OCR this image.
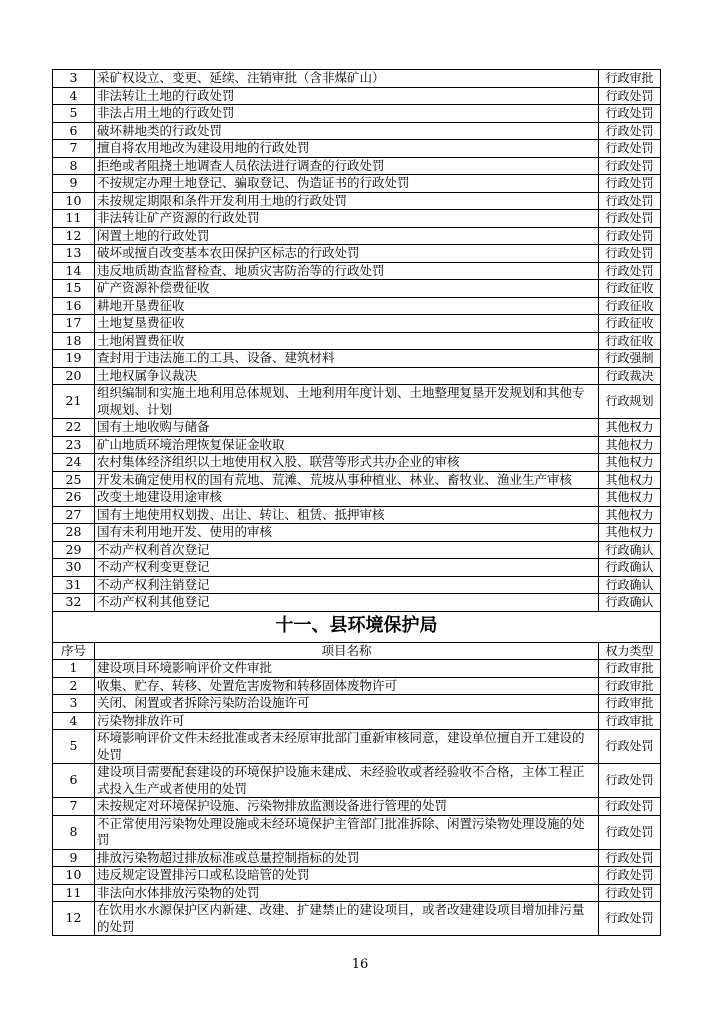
3	采矿权设立、变更、延续、注销审批（含非煤矿山）	行政审批
4	非法转让土地的行政处罚	行政处罚
5	非法占用土地的行政处罚	行政处罚
6	破坏耕地类的行政处罚	行政处罚
7	擅自将农用地改为建设用地的行政处罚	行政处罚
8	拒绝或者阻挠土地调查人员依法进行调查的行政处罚	行政处罚
9	不按规定办理土地登记、骗取登记、伪造证书的行政处罚	行政处罚
10	未按规定期限和条件开发利用土地的行政处罚	行政处罚
11	非法转让矿产资源的行政处罚	行政处罚
12	闲置土地的行政处罚	行政处罚
13	破坏或擅自改变基本农田保护区标志的行政处罚	行政处罚
14	违反地质勘查监督检查、地质灾害防治等的行政处罚	行政处罚
15	矿产资源补偿费征收	行政征收
16	耕地开垦费征收	行政征收
17	土地复垦费征收	行政征收
18	土地闲置费征收	行政征收
19	查封用于违法施工的工具、设备、建筑材料	行政强制
20	土地权属争议裁决	行政裁决
21	组织编制和实施土地利用总体规划、土地利用年度计划、土地整理复垦开发规划和其他专项规划、计划	行政规划
22	国有土地收购与储备	其他权力
23	矿山地质环境治理恢复保证金收取	其他权力
24	农村集体经济组织以土地使用权入股、联营等形式共办企业的审核	其他权力
25	开发未确定使用权的国有荒地、荒滩、荒坡从事种植业、林业、畜牧业、渔业生产审核	其他权力
26	改变土地建设用途审核	其他权力
27	国有土地使用权划拨、出让、转让、租赁、抵押审核	其他权力
28	国有未利用地开发、使用的审核	其他权力
29	不动产权利首次登记	行政确认
30	不动产权利变更登记	行政确认
31	不动产权利注销登记	行政确认
32	不动产权利其他登记	行政确认
十一、县环境保护局		
序号	项目名称	权力类型
1	建设项目环境影响评价文件审批	行政审批
2	收集、贮存、转移、处置危害废物和转移固体废物许可	行政审批
3	关闭、闲置或者拆除污染防治设施许可	行政审批
4	污染物排放许可	行政审批
5	环境影响评价文件未经批准或者未经原审批部门重新审核同意，建设单位擅自开工建设的处罚	行政处罚
6	建设项目需要配套建设的环境保护设施未建成、未经验收或者经验收不合格，主体工程正式投入生产或者使用的处罚	行政处罚
7	未按规定对环境保护设施、污染物排放监测设备进行管理的处罚	行政处罚
8	不正常使用污染物处理设施或未经环境保护主管部门批准拆除、闲置污染物处理设施的处罚	行政处罚
9	排放污染物超过排放标准或总量控制指标的处罚	行政处罚
10	违反规定设置排污口或私设暗管的处罚	行政处罚
11	非法向水体排放污染物的处罚	行政处罚
12	在饮用水水源保护区内新建、改建、扩建禁止的建设项目，或者改建建设项目增加排污量的处罚	行政处罚
16
